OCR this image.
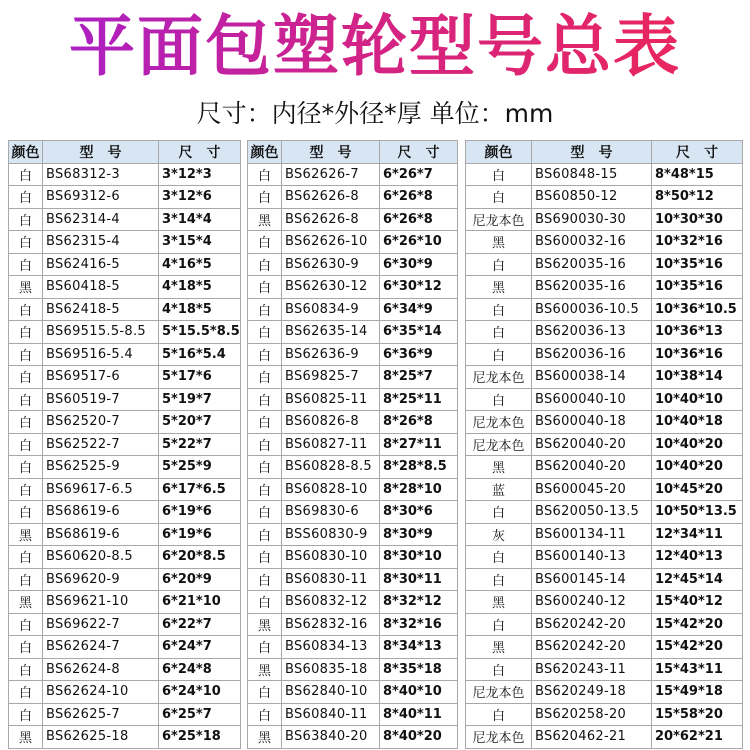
平面包塑轮型号总表
尺寸：内径*外径*厚 单位：mm
颜色	型　号	尺　寸
白	BS68312-3	3*12*3
白	BS69312-6	3*12*6
白	BS62314-4	3*14*4
白	BS62315-4	3*15*4
白	BS62416-5	4*16*5
黑	BS60418-5	4*18*5
白	BS62418-5	4*18*5
白	BS69515.5-8.5	5*15.5*8.5
白	BS69516-5.4	5*16*5.4
白	BS69517-6	5*17*6
白	BS60519-7	5*19*7
白	BS62520-7	5*20*7
白	BS62522-7	5*22*7
白	BS62525-9	5*25*9
白	BS69617-6.5	6*17*6.5
白	BS68619-6	6*19*6
黑	BS68619-6	6*19*6
白	BS60620-8.5	6*20*8.5
白	BS69620-9	6*20*9
黑	BS69621-10	6*21*10
白	BS69622-7	6*22*7
白	BS62624-7	6*24*7
白	BS62624-8	6*24*8
白	BS62624-10	6*24*10
白	BS62625-7	6*25*7
黑	BS62625-18	6*25*18
颜色	型　号	尺　寸
白	BS62626-7	6*26*7
白	BS62626-8	6*26*8
黑	BS62626-8	6*26*8
白	BS62626-10	6*26*10
白	BS62630-9	6*30*9
白	BS62630-12	6*30*12
白	BS60834-9	6*34*9
白	BS62635-14	6*35*14
白	BS62636-9	6*36*9
白	BS69825-7	8*25*7
白	BS60825-11	8*25*11
白	BS60826-8	8*26*8
白	BS60827-11	8*27*11
白	BS60828-8.5	8*28*8.5
白	BS60828-10	8*28*10
白	BS69830-6	8*30*6
白	BSS60830-9	8*30*9
白	BS60830-10	8*30*10
白	BS60830-11	8*30*11
白	BS60832-12	8*32*12
黑	BS62832-16	8*32*16
白	BS60834-13	8*34*13
黑	BS60835-18	8*35*18
白	BS62840-10	8*40*10
白	BS60840-11	8*40*11
黑	BS63840-20	8*40*20
颜色	型　号	尺　寸
白	BS60848-15	8*48*15
白	BS60850-12	8*50*12
尼龙本色	BS690030-30	10*30*30
黑	BS600032-16	10*32*16
白	BS620035-16	10*35*16
黑	BS620035-16	10*35*16
白	BS600036-10.5	10*36*10.5
白	BS620036-13	10*36*13
白	BS620036-16	10*36*16
尼龙本色	BS600038-14	10*38*14
白	BS600040-10	10*40*10
尼龙本色	BS600040-18	10*40*18
尼龙本色	BS620040-20	10*40*20
黑	BS620040-20	10*40*20
蓝	BS600045-20	10*45*20
白	BS620050-13.5	10*50*13.5
灰	BS600134-11	12*34*11
白	BS600140-13	12*40*13
白	BS600145-14	12*45*14
黑	BS600240-12	15*40*12
白	BS620242-20	15*42*20
黑	BS620242-20	15*42*20
白	BS620243-11	15*43*11
尼龙本色	BS620249-18	15*49*18
白	BS620258-20	15*58*20
尼龙本色	BS620462-21	20*62*21
